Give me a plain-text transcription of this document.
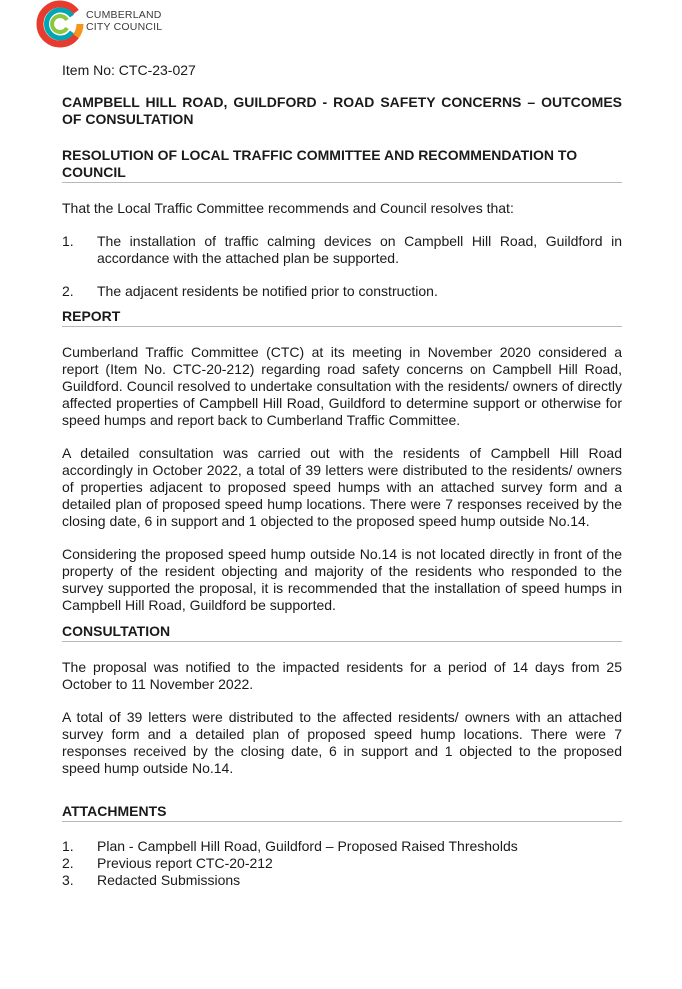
CUMBERLAND
CITY COUNCIL
Item No: CTC-23-027
CAMPBELL HILL ROAD, GUILDFORD - ROAD SAFETY CONCERNS – OUTCOMES OF CONSULTATION
RESOLUTION OF LOCAL TRAFFIC COMMITTEE AND RECOMMENDATION TO COUNCIL

That the Local Traffic Committee recommends and Council resolves that:

1.	The installation of traffic calming devices on Campbell Hill Road, Guildford in accordance with the attached plan be supported.
2.	The adjacent residents be notified prior to construction.
REPORT

Cumberland Traffic Committee (CTC) at its meeting in November 2020 considered a report (Item No. CTC-20-212) regarding road safety concerns on Campbell Hill Road, Guildford. Council resolved to undertake consultation with the residents/ owners of directly affected properties of Campbell Hill Road, Guildford to determine support or otherwise for speed humps and report back to Cumberland Traffic Committee.

A detailed consultation was carried out with the residents of Campbell Hill Road accordingly in October 2022, a total of 39 letters were distributed to the residents/ owners of properties adjacent to proposed speed humps with an attached survey form and a detailed plan of proposed speed hump locations. There were 7 responses received by the closing date, 6 in support and 1 objected to the proposed speed hump outside No.14.

Considering the proposed speed hump outside No.14 is not located directly in front of the property of the resident objecting and majority of the residents who responded to the survey supported the proposal, it is recommended that the installation of speed humps in Campbell Hill Road, Guildford be supported.

CONSULTATION

The proposal was notified to the impacted residents for a period of 14 days from 25 October to 11 November 2022.

A total of 39 letters were distributed to the affected residents/ owners with an attached survey form and a detailed plan of proposed speed hump locations. There were 7 responses received by the closing date, 6 in support and 1 objected to the proposed speed hump outside No.14.

ATTACHMENTS
1.	Plan - Campbell Hill Road, Guildford – Proposed Raised Thresholds
2.	Previous report CTC-20-212
3.	Redacted Submissions
